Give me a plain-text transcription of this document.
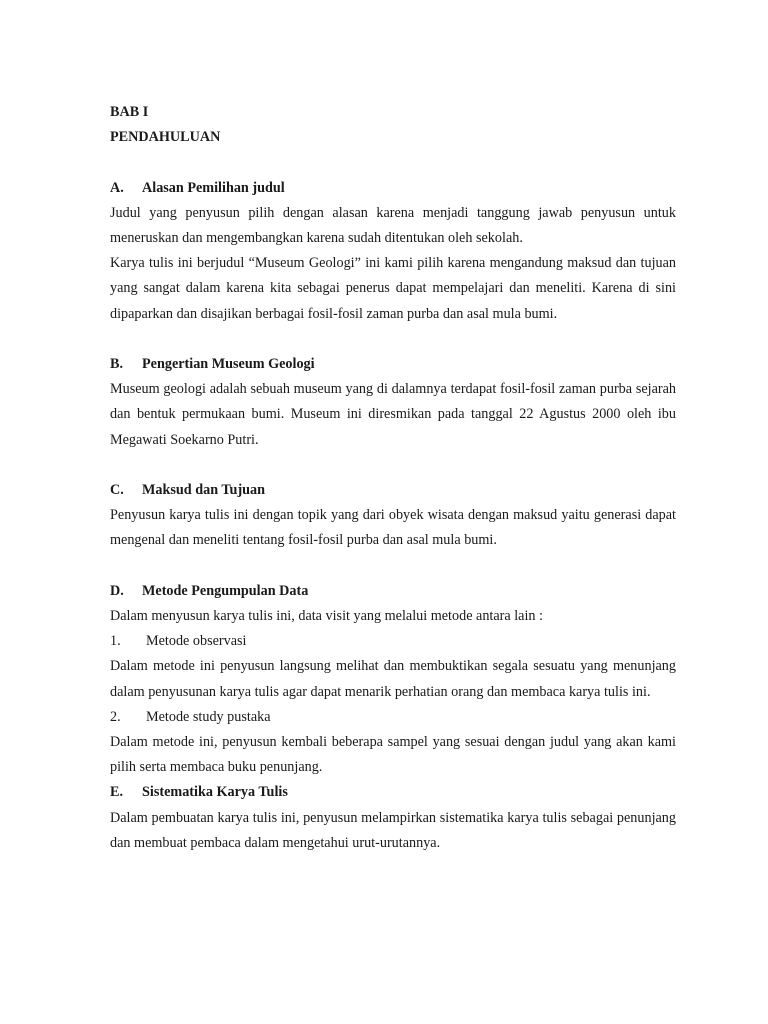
BAB I

PENDAHULUAN

A. Alasan Pemilihan judul

Judul yang penyusun pilih dengan alasan karena menjadi tanggung jawab penyusun untuk meneruskan dan mengembangkan karena sudah ditentukan oleh sekolah.

Karya tulis ini berjudul “Museum Geologi” ini kami pilih karena mengandung maksud dan tujuan yang sangat dalam karena kita sebagai penerus dapat mempelajari dan meneliti. Karena di sini dipaparkan dan disajikan berbagai fosil-fosil zaman purba dan asal mula bumi.

B. Pengertian Museum Geologi

Museum geologi adalah sebuah museum yang di dalamnya terdapat fosil-fosil zaman purba sejarah dan bentuk permukaan bumi. Museum ini diresmikan pada tanggal 22 Agustus 2000 oleh ibu Megawati Soekarno Putri.

C. Maksud dan Tujuan

Penyusun karya tulis ini dengan topik yang dari obyek wisata dengan maksud yaitu generasi dapat mengenal dan meneliti tentang fosil-fosil purba dan asal mula bumi.

D. Metode Pengumpulan Data

Dalam menyusun karya tulis ini, data visit yang melalui metode antara lain :

1. Metode observasi

Dalam metode ini penyusun langsung melihat dan membuktikan segala sesuatu yang menunjang dalam penyusunan karya tulis agar dapat menarik perhatian orang dan membaca karya tulis ini.

2. Metode study pustaka

Dalam metode ini, penyusun kembali beberapa sampel yang sesuai dengan judul yang akan kami pilih serta membaca buku penunjang.

E. Sistematika Karya Tulis

Dalam pembuatan karya tulis ini, penyusun melampirkan sistematika karya tulis sebagai penunjang dan membuat pembaca dalam mengetahui urut-urutannya.
